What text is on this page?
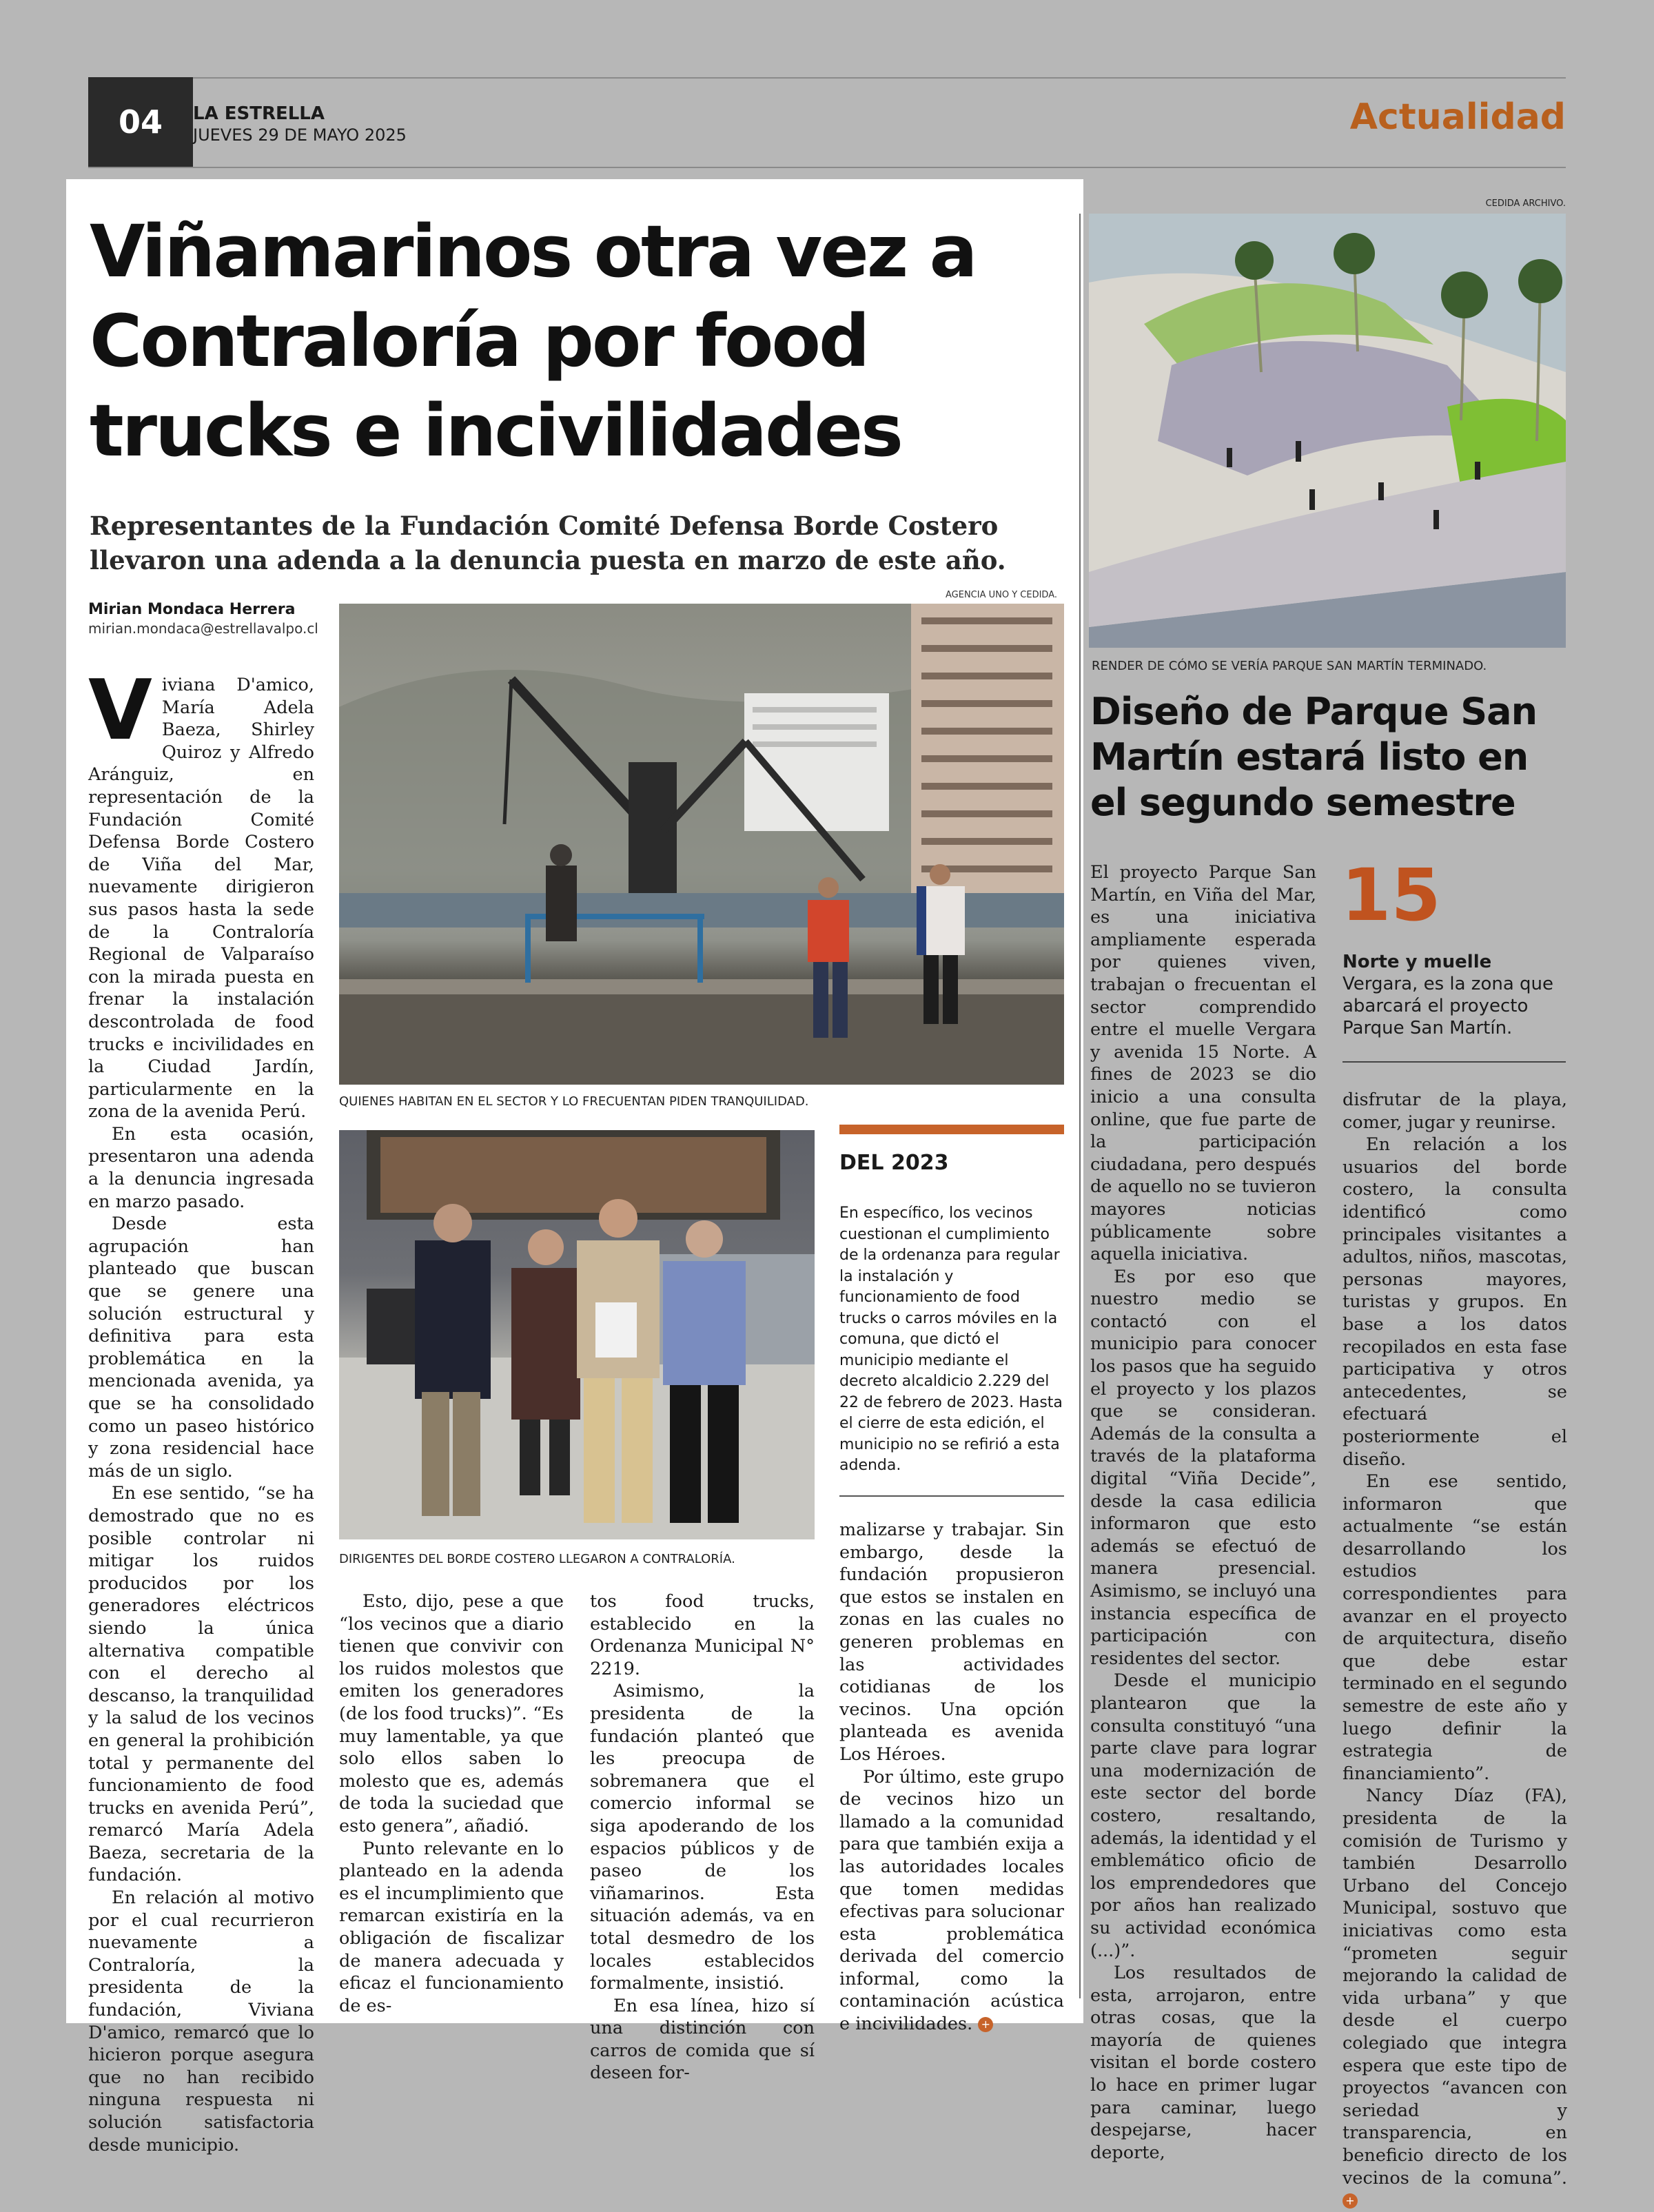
04	LA ESTRELLA
JUEVES 29 DE MAYO 2025	Actualidad
Viñamarinos otra vez a Contraloría por food trucks e incivilidades
Representantes de la Fundación Comité Defensa Borde Costero llevaron una adenda a la denuncia puesta en marzo de este año.
Mirian Mondaca Herrera
mirian.mondaca@estrellavalpo.cl
AGENCIA UNO Y CEDIDA.
QUIENES HABITAN EN EL SECTOR Y LO FRECUENTAN PIDEN TRANQUILIDAD.
DIRIGENTES DEL BORDE COSTERO LLEGARON A CONTRALORÍA.
DEL 2023
En específico, los vecinos cuestionan el cumplimiento de la ordenanza para regular la instalación y funcionamiento de food trucks o carros móviles en la comuna, que dictó el municipio mediante el decreto alcaldicio 2.229 del 22 de febrero de 2023. Hasta el cierre de esta edición, el municipio no se refirió a esta adenda.

Viviana D'amico, María Adela Baeza, Shirley Quiroz y Alfredo Aránguiz, en representación de la Fundación Comité Defensa Borde Costero de Viña del Mar, nuevamente dirigieron sus pasos hasta la sede de la Contraloría Regional de Valparaíso con la mirada puesta en frenar la instalación descontrolada de food trucks e incivilidades en la Ciudad Jardín, particularmente en la zona de la avenida Perú.

En esta ocasión, presentaron una adenda a la denuncia ingresada en marzo pasado.

Desde esta agrupación han planteado que buscan que se genere una solución estructural y definitiva para esta problemática en la mencionada avenida, ya que se ha consolidado como un paseo histórico y zona residencial hace más de un siglo.

En ese sentido, “se ha demostrado que no es posible controlar ni mitigar los ruidos producidos por los generadores eléctricos siendo la única alternativa compatible con el derecho al descanso, la tranquilidad y la salud de los vecinos en general la prohibición total y permanente del funcionamiento de food trucks en avenida Perú”, remarcó María Adela Baeza, secretaria de la fundación.

En relación al motivo por el cual recurrieron nuevamente a Contraloría, la presidenta de la fundación, Viviana D'amico, remarcó que lo hicieron porque asegura que no han recibido ninguna respuesta ni solución satisfactoria desde municipio.

Esto, dijo, pese a que “los vecinos que a diario tienen que convivir con los ruidos molestos que emiten los generadores (de los food trucks)”. “Es muy lamentable, ya que solo ellos saben lo molesto que es, además de toda la suciedad que esto genera”, añadió.

Punto relevante en lo planteado en la adenda es el incumplimiento que remarcan existiría en la obligación de fiscalizar de manera adecuada y eficaz el funcionamiento de es-

tos food trucks, establecido en la Ordenanza Municipal N° 2219.

Asimismo, la presidenta de la fundación planteó que les preocupa de sobremanera que el comercio informal se siga apoderando de los espacios públicos y de paseo de los viñamarinos. Esta situación además, va en total desmedro de los locales establecidos formalmente, insistió.

En esa línea, hizo sí una distinción con carros de comida que sí deseen for-

malizarse y trabajar. Sin embargo, desde la fundación propusieron que estos se instalen en zonas en las cuales no generen problemas en las actividades cotidianas de los vecinos. Una opción planteada es avenida Los Héroes.

Por último, este grupo de vecinos hizo un llamado a la comunidad para que también exija a las autoridades locales que tomen medidas efectivas para solucionar esta problemática derivada del comercio informal, como la contaminación acústica e incivilidades. +

CEDIDA ARCHIVO.
RENDER DE CÓMO SE VERÍA PARQUE SAN MARTÍN TERMINADO.
Diseño de Parque San Martín estará listo en el segundo semestre
15
Norte y muelle Vergara, es la zona que abarcará el proyecto Parque San Martín.

El proyecto Parque San Martín, en Viña del Mar, es una iniciativa ampliamente esperada por quienes viven, trabajan o frecuentan el sector comprendido entre el muelle Vergara y avenida 15 Norte. A fines de 2023 se dio inicio a una consulta online, que fue parte de la participación ciudadana, pero después de aquello no se tuvieron mayores noticias públicamente sobre aquella iniciativa.

Es por eso que nuestro medio se contactó con el municipio para conocer los pasos que ha seguido el proyecto y los plazos que se consideran. Además de la consulta a través de la plataforma digital “Viña Decide”, desde la casa edilicia informaron que esto además se efectuó de manera presencial. Asimismo, se incluyó una instancia específica de participación con residentes del sector.

Desde el municipio plantearon que la consulta constituyó “una parte clave para lograr una modernización de este sector del borde costero, resaltando, además, la identidad y el emblemático oficio de los emprendedores que por años han realizado su actividad económica (...)”.

Los resultados de esta, arrojaron, entre otras cosas, que la mayoría de quienes visitan el borde costero lo hace en primer lugar para caminar, luego despejarse, hacer deporte,

disfrutar de la playa, comer, jugar y reunirse.

En relación a los usuarios del borde costero, la consulta identificó como principales visitantes a adultos, niños, mascotas, personas mayores, turistas y grupos. En base a los datos recopilados en esta fase participativa y otros antecedentes, se efectuará posteriormente el diseño.

En ese sentido, informaron que actualmente “se están desarrollando los estudios correspondientes para avanzar en el proyecto de arquitectura, diseño que debe estar terminado en el segundo semestre de este año y luego definir la estrategia de financiamiento”.

Nancy Díaz (FA), presidenta de la comisión de Turismo y también Desarrollo Urbano del Concejo Municipal, sostuvo que iniciativas como esta “prometen seguir mejorando la calidad de vida urbana” y que desde el cuerpo colegiado que integra espera que este tipo de proyectos “avancen con seriedad y transparencia, en beneficio directo de los vecinos de la comuna”. +
